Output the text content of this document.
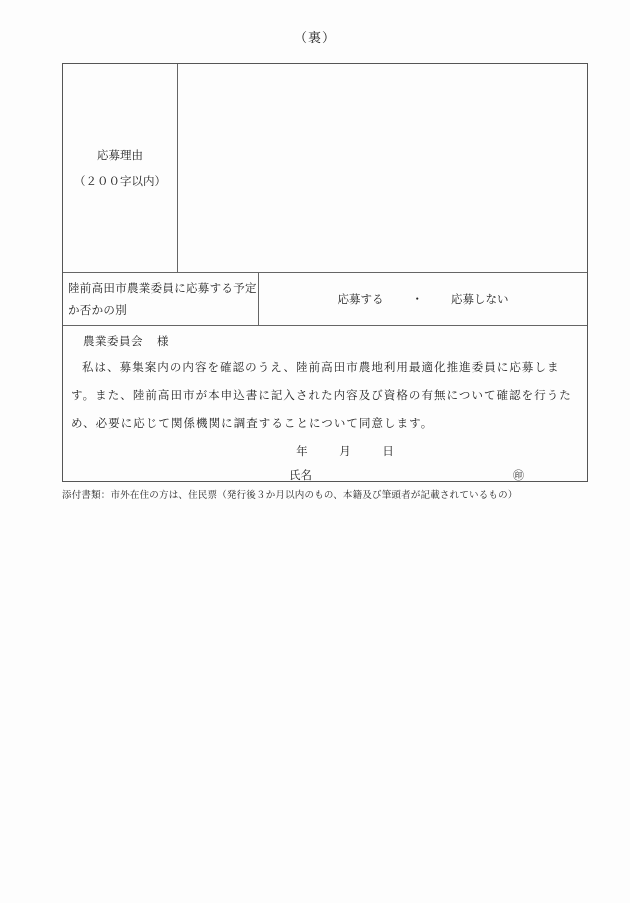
（裏）
応募理由
（２００字以内）
陸前高田市農業委員に応募する予定か否かの別
応募する ・ 応募しない
農業委員会 様
私は、募集案内の内容を確認のうえ、陸前高田市農地利用最適化推進委員に応募します。また、陸前高田市が本申込書に記入された内容及び資格の有無について確認を行うため、必要に応じて関係機関に調査することについて同意します。
年	月	日
氏名	㊞
添付書類：市外在住の方は、住民票（発行後３か月以内のもの、本籍及び筆頭者が記載されているもの）
